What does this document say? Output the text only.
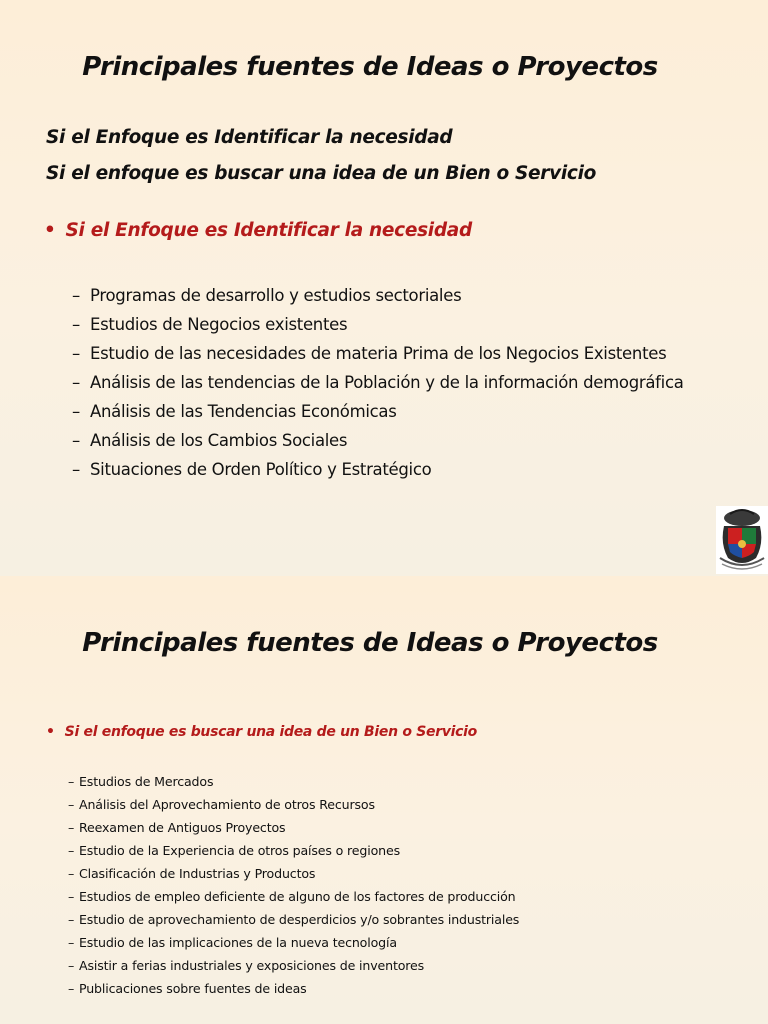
Principales fuentes de Ideas o Proyectos
Si el Enfoque es Identificar la necesidad
Si el enfoque es buscar una idea de un Bien o Servicio
• Si el Enfoque es Identificar la necesidad
– Programas de desarrollo y estudios sectoriales
– Estudios de Negocios existentes
– Estudio de las necesidades de materia Prima de los Negocios Existentes
– Análisis de las tendencias de la Población y de la información demográfica
– Análisis de las Tendencias Económicas
– Análisis de los Cambios Sociales
– Situaciones de Orden Político y Estratégico
Principales fuentes de Ideas o Proyectos
• Si el enfoque es buscar una idea de un Bien o Servicio
– Estudios de Mercados
– Análisis del Aprovechamiento de otros Recursos
– Reexamen de Antiguos Proyectos
– Estudio de la Experiencia de otros países o regiones
– Clasificación de Industrias y Productos
– Estudios de empleo deficiente de alguno de los factores de producción
– Estudio de aprovechamiento de desperdicios y/o sobrantes industriales
– Estudio de las implicaciones de la nueva tecnología
– Asistir a ferias industriales y exposiciones de inventores
– Publicaciones sobre fuentes de ideas
